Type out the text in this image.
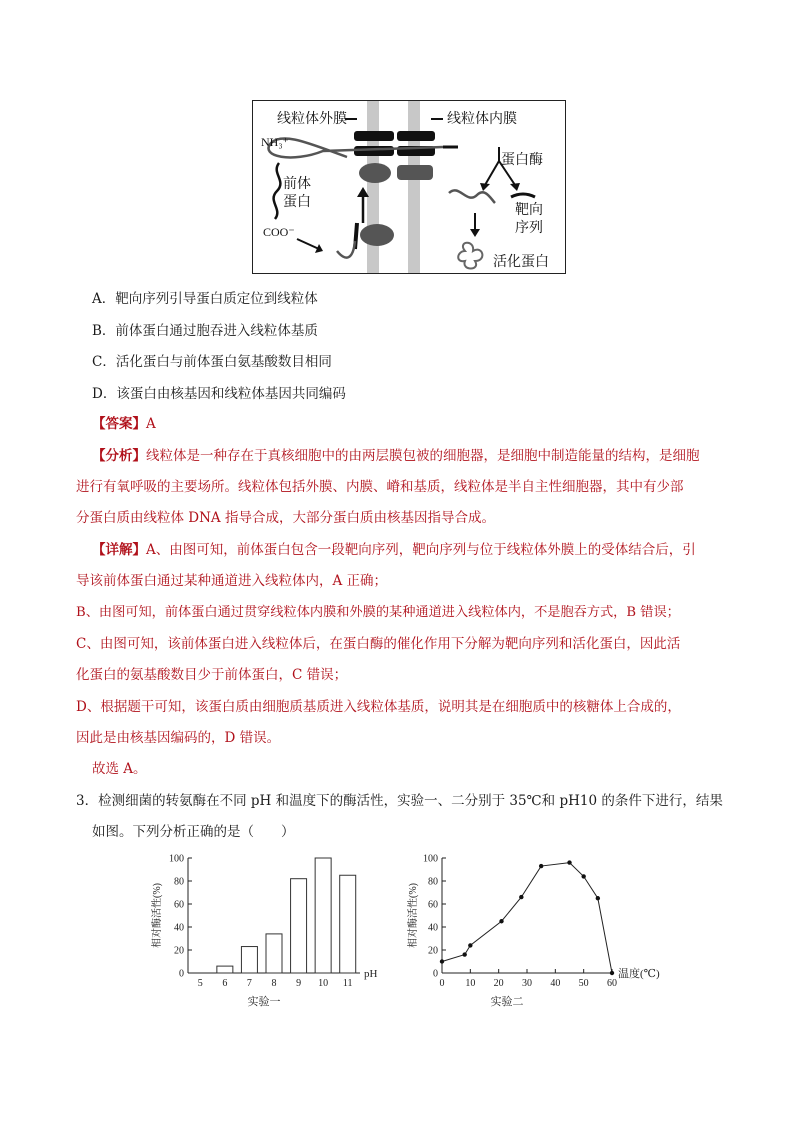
线粒体外膜	线粒体内膜
NH₃⁺
前体
蛋白
COO⁻
蛋白酶
靶向
序列
活化蛋白
A．靶向序列引导蛋白质定位到线粒体
B．前体蛋白通过胞吞进入线粒体基质
C．活化蛋白与前体蛋白氨基酸数目相同
D．该蛋白由核基因和线粒体基因共同编码
【答案】A
【分析】线粒体是一种存在于真核细胞中的由两层膜包被的细胞器，是细胞中制造能量的结构，是细胞
进行有氧呼吸的主要场所。线粒体包括外膜、内膜、嵴和基质，线粒体是半自主性细胞器，其中有少部
分蛋白质由线粒体 DNA 指导合成，大部分蛋白质由核基因指导合成。
【详解】A、由图可知，前体蛋白包含一段靶向序列，靶向序列与位于线粒体外膜上的受体结合后，引
导该前体蛋白通过某种通道进入线粒体内，A 正确；
B、由图可知，前体蛋白通过贯穿线粒体内膜和外膜的某种通道进入线粒体内，不是胞吞方式，B 错误；
C、由图可知，该前体蛋白进入线粒体后，在蛋白酶的催化作用下分解为靶向序列和活化蛋白，因此活
化蛋白的氨基酸数目少于前体蛋白，C 错误；
D、根据题干可知，该蛋白质由细胞质基质进入线粒体基质，说明其是在细胞质中的核糖体上合成的，
因此是由核基因编码的，D 错误。
故选 A。
3．检测细菌的转氨酶在不同 pH 和温度下的酶活性，实验一、二分别于 35℃和 pH10 的条件下进行，结果
如图。下列分析正确的是（　　）
0
20
40
60
80
100
5 6 7 8 9 10 11
pH
相对酶活性(%)
实验一
0
20
40
60
80
100
0 10 20 30 40 50 60
温度(℃)
相对酶活性(%)
实验二
